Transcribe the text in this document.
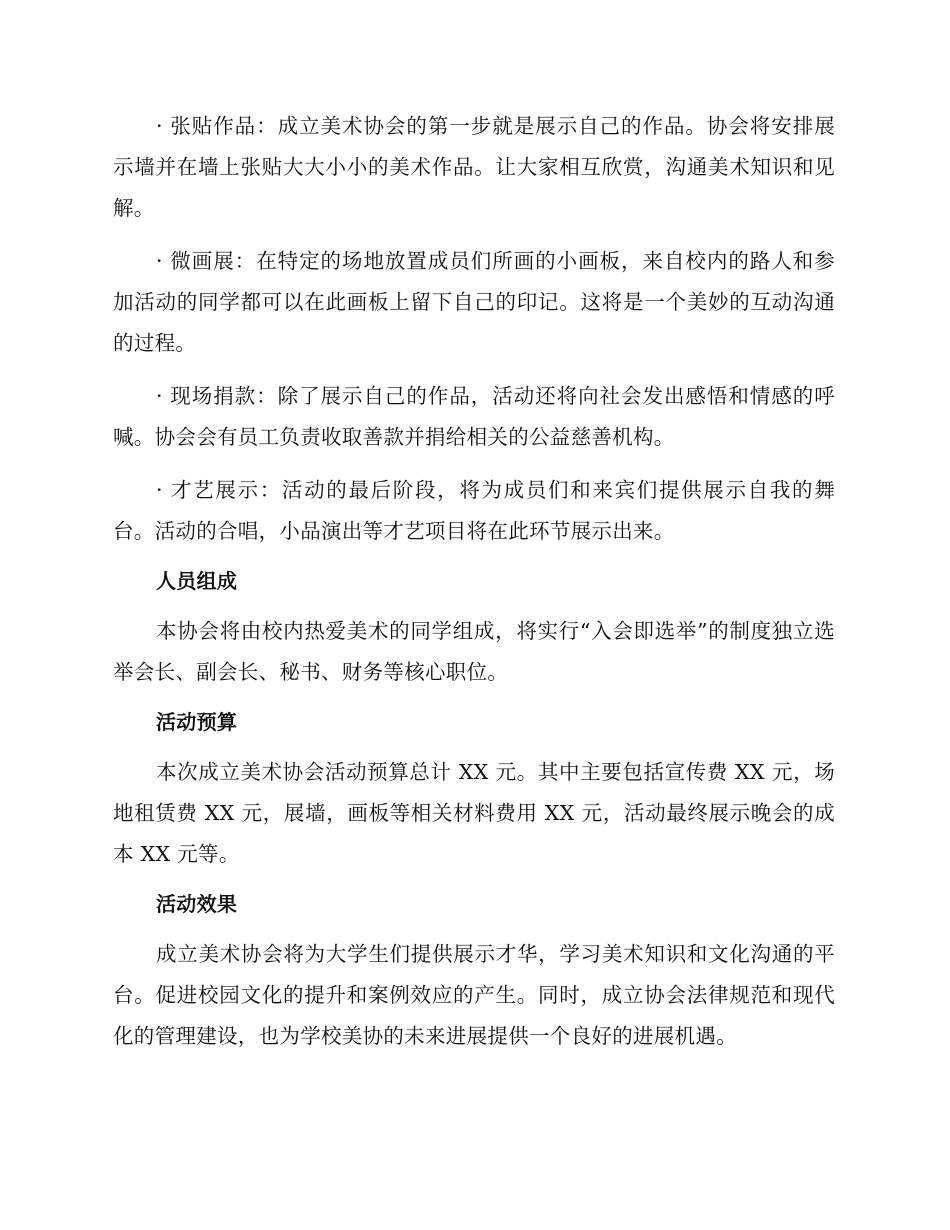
· 张贴作品：成立美术协会的第一步就是展示自己的作品。协会将安排展示墙并在墙上张贴大大小小的美术作品。让大家相互欣赏，沟通美术知识和见解。

· 微画展：在特定的场地放置成员们所画的小画板，来自校内的路人和参加活动的同学都可以在此画板上留下自己的印记。这将是一个美妙的互动沟通的过程。

· 现场捐款：除了展示自己的作品，活动还将向社会发出感悟和情感的呼喊。协会会有员工负责收取善款并捐给相关的公益慈善机构。

· 才艺展示：活动的最后阶段，将为成员们和来宾们提供展示自我的舞台。活动的合唱，小品演出等才艺项目将在此环节展示出来。

人员组成

本协会将由校内热爱美术的同学组成，将实行“入会即选举”的制度独立选举会长、副会长、秘书、财务等核心职位。

活动预算

本次成立美术协会活动预算总计 XX 元。其中主要包括宣传费 XX 元，场地租赁费 XX 元，展墙，画板等相关材料费用 XX 元，活动最终展示晚会的成本 XX 元等。

活动效果

成立美术协会将为大学生们提供展示才华，学习美术知识和文化沟通的平台。促进校园文化的提升和案例效应的产生。同时，成立协会法律规范和现代化的管理建设，也为学校美协的未来进展提供一个良好的进展机遇。
